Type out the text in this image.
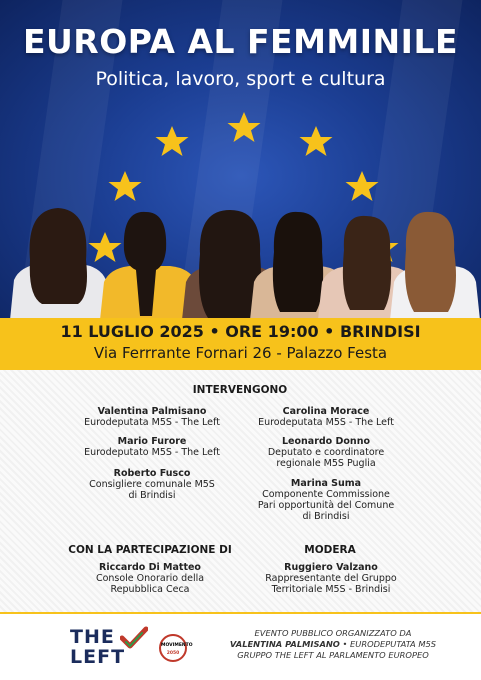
EUROPA AL FEMMINILE
Politica, lavoro, sport e cultura
11 LUGLIO 2025 • ORE 19:00 • BRINDISI
Via Ferrrante Fornari 26 - Palazzo Festa
INTERVENGONO
Valentina Palmisano
Eurodeputata M5S - The Left
Mario Furore
Eurodeputato M5S - The Left
Roberto Fusco
Consigliere comunale M5S
di Brindisi
Carolina Morace
Eurodeputata M5S - The Left
Leonardo Donno
Deputato e coordinatore
regionale M5S Puglia
Marina Suma
Componente Commissione
Pari opportunità del Comune
di Brindisi
CON LA PARTECIPAZIONE DI
Riccardo Di Matteo
Console Onorario della
Repubblica Ceca
MODERA
Ruggiero Valzano
Rappresentante del Gruppo
Territoriale M5S - Brindisi
THE
LEFT
MOVIMENTO
2050
EVENTO PUBBLICO ORGANIZZATO DA
VALENTINA PALMISANO • EURODEPUTATA M5S
GRUPPO THE LEFT AL PARLAMENTO EUROPEO
